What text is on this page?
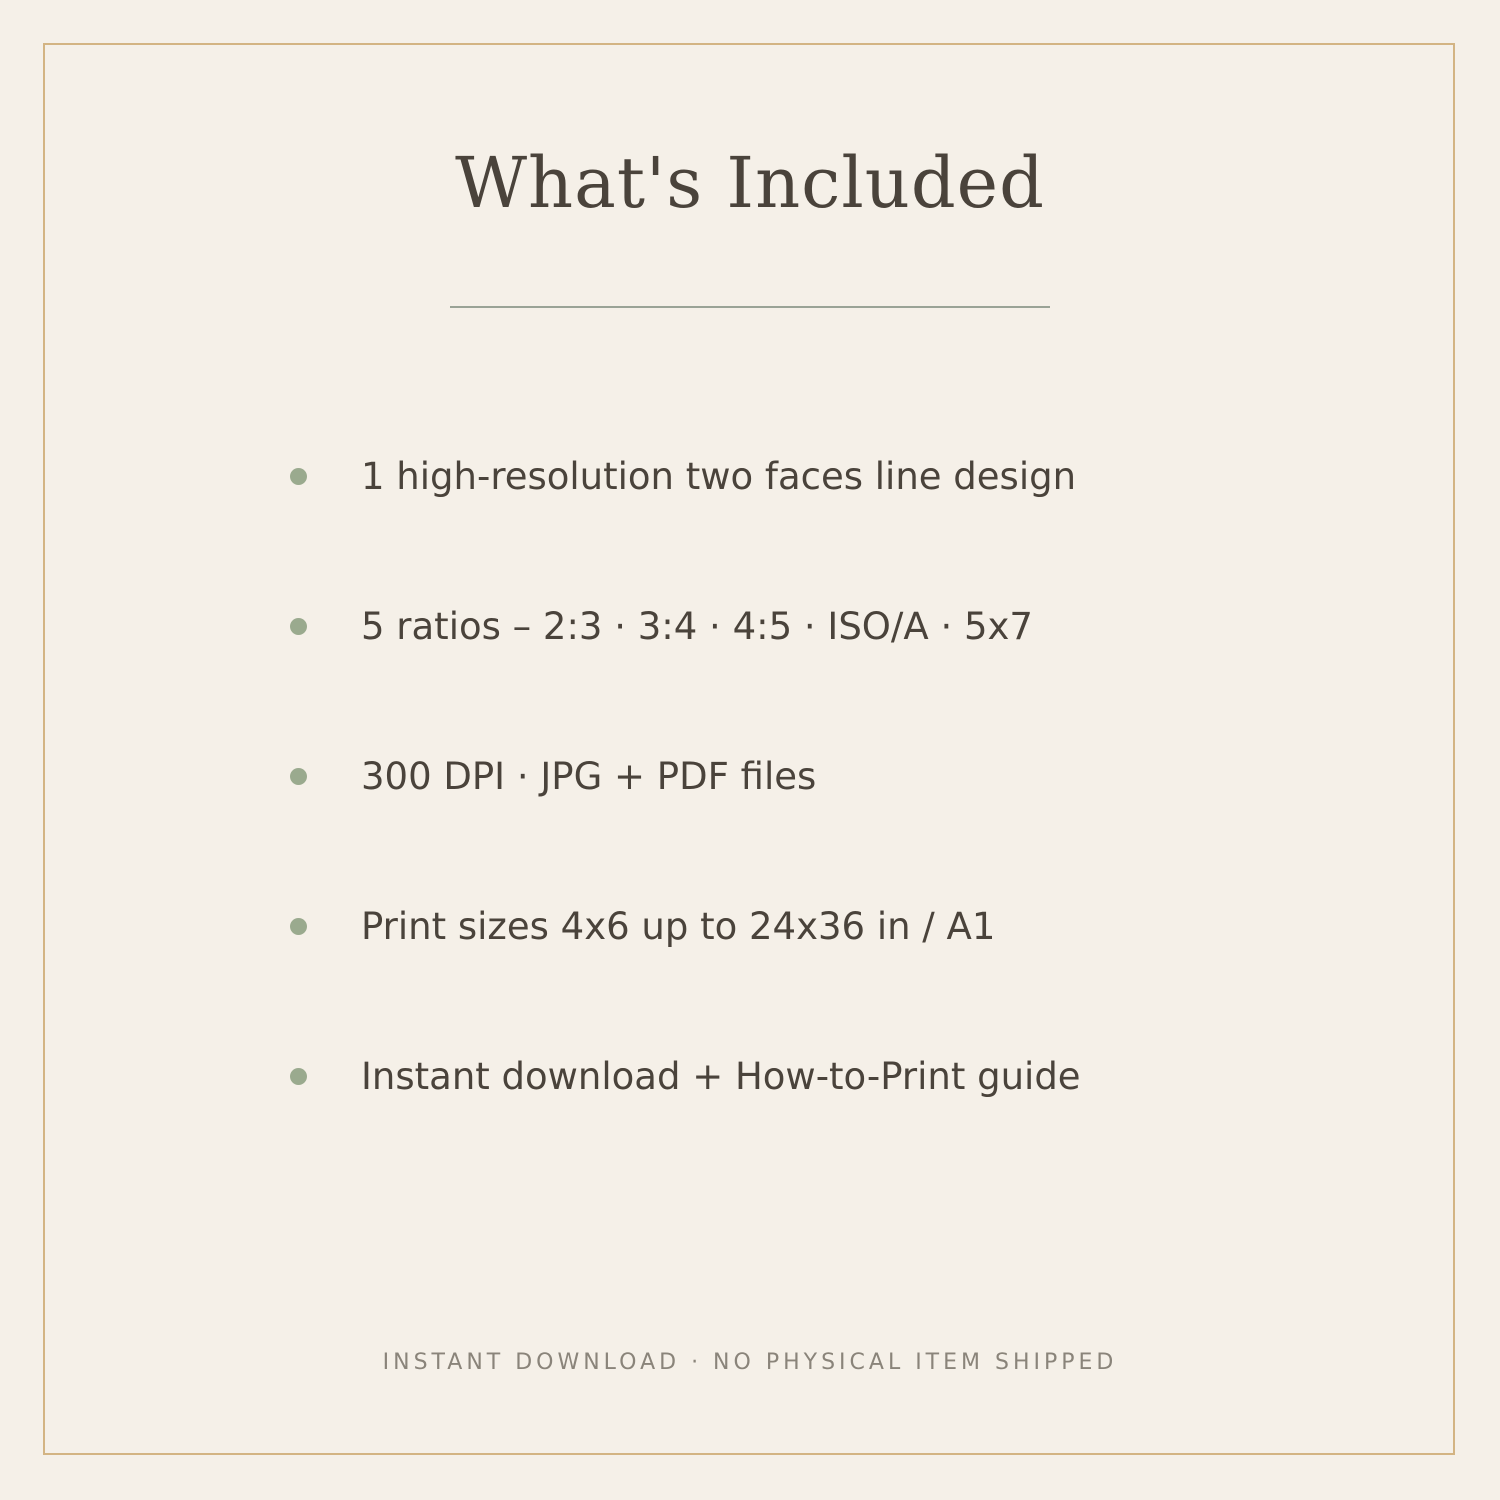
What's Included
1 high-resolution two faces line design
5 ratios – 2:3 · 3:4 · 4:5 · ISO/A · 5x7
300 DPI · JPG + PDF files
Print sizes 4x6 up to 24x36 in / A1
Instant download + How-to-Print guide
INSTANT DOWNLOAD · NO PHYSICAL ITEM SHIPPED
